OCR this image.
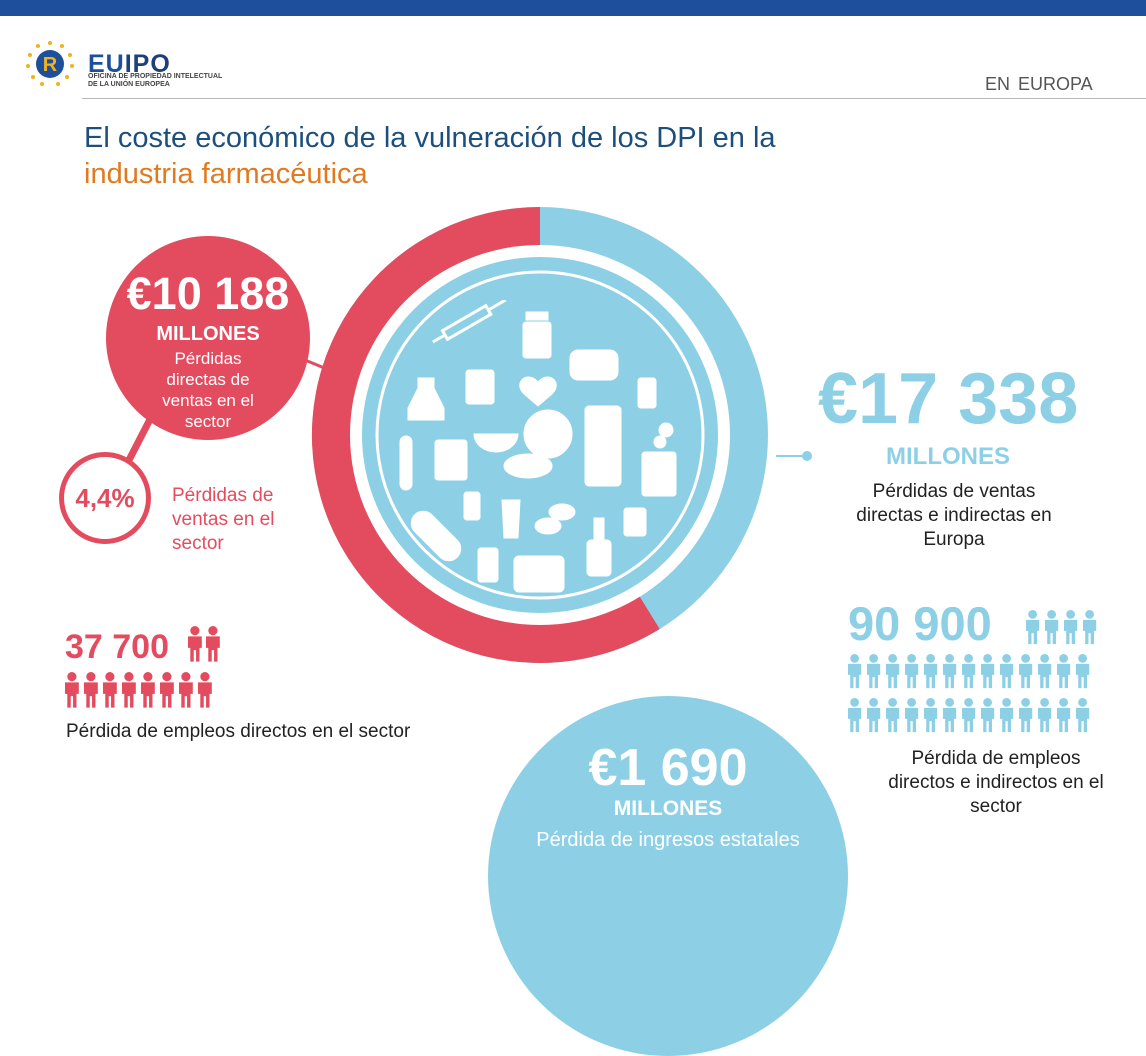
R EUIPO
OFICINA DE PROPIEDAD INTELECTUAL
DE LA UNIÓN EUROPEA	EN EUROPA
El coste económico de la vulneración de los DPI en la
industria farmacéutica
€10 188
MILLONES
Pérdidas directas de ventas en el sector
4,4% Pérdidas de ventas en el sector
€17 338
MILLONES
Pérdidas de ventas directas e indirectas en Europa
37 700
Pérdida de empleos directos en el sector
90 900
Pérdida de empleos directos e indirectos en el sector
€1 690
MILLONES
Pérdida de ingresos estatales
